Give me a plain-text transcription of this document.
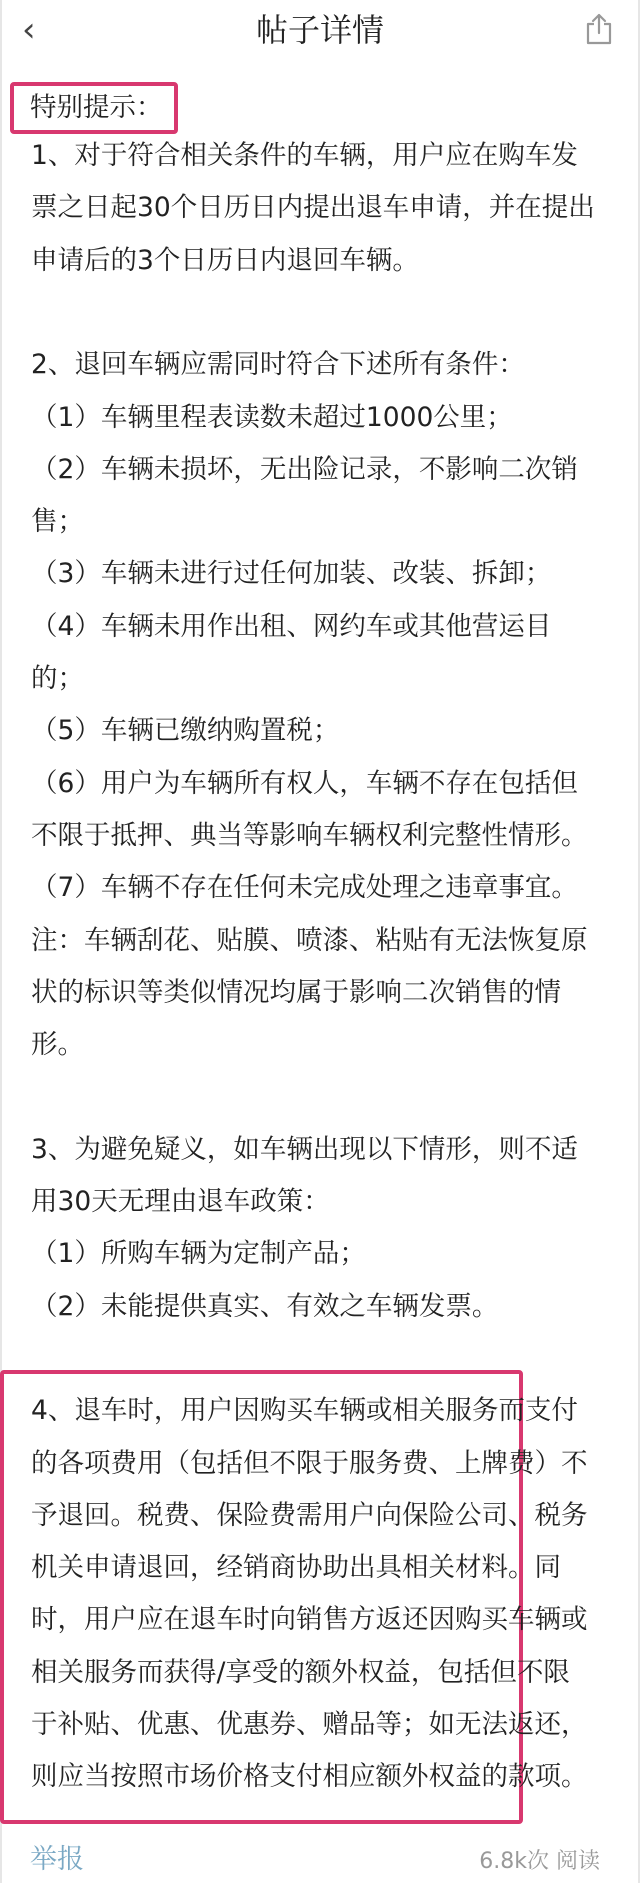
‹	帖子详情
特别提示：
1、对于符合相关条件的车辆，用户应在购车发
票之日起30个日历日内提出退车申请，并在提出
申请后的3个日历日内退回车辆。
2、退回车辆应需同时符合下述所有条件：
（1）车辆里程表读数未超过1000公里；
（2）车辆未损坏，无出险记录，不影响二次销
售；
（3）车辆未进行过任何加装、改装、拆卸；
（4）车辆未用作出租、网约车或其他营运目
的；
（5）车辆已缴纳购置税；
（6）用户为车辆所有权人，车辆不存在包括但
不限于抵押、典当等影响车辆权利完整性情形。
（7）车辆不存在任何未完成处理之违章事宜。
注：车辆刮花、贴膜、喷漆、粘贴有无法恢复原
状的标识等类似情况均属于影响二次销售的情
形。
3、为避免疑义，如车辆出现以下情形，则不适
用30天无理由退车政策：
（1）所购车辆为定制产品；
（2）未能提供真实、有效之车辆发票。
4、退车时，用户因购买车辆或相关服务而支付
的各项费用（包括但不限于服务费、上牌费）不
予退回。税费、保险费需用户向保险公司、税务
机关申请退回，经销商协助出具相关材料。同
时，用户应在退车时向销售方返还因购买车辆或
相关服务而获得/享受的额外权益，包括但不限
于补贴、优惠、优惠券、赠品等；如无法返还，
则应当按照市场价格支付相应额外权益的款项。
举报	6.8k次 阅读
